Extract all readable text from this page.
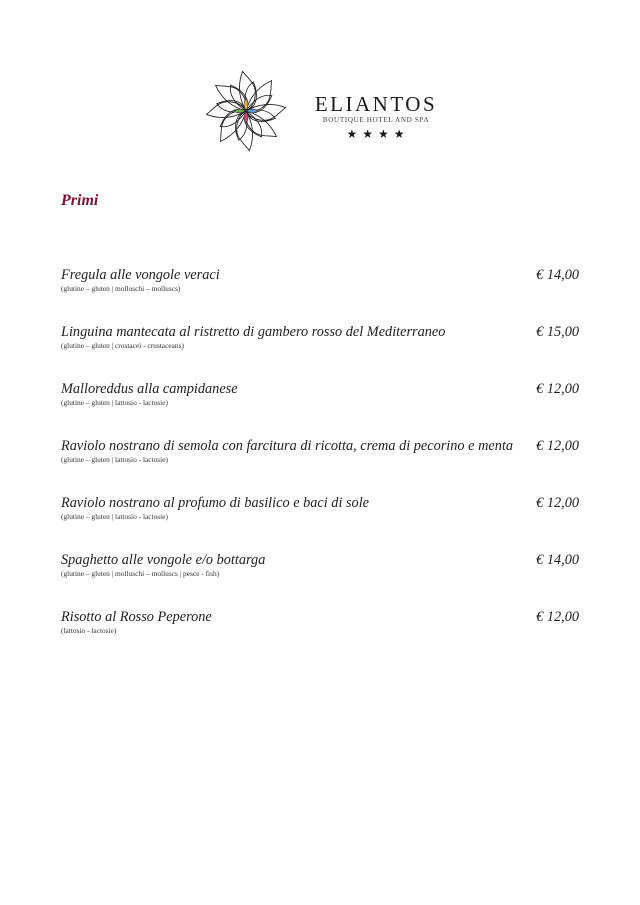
ELIANTOS
BOUTIQUE HOTEL AND SPA
★★★★
Primi
Fregula alle vongole veraci
(glutine – gluten | molluschi – molluscs)
€ 14,00
Linguina mantecata al ristretto di gambero rosso del Mediterraneo
(glutine – gluten | crostacei - crustaceans)
€ 15,00
Malloreddus alla campidanese
(glutine – gluten | lattosio - lactosie)
€ 12,00
Raviolo nostrano di semola con farcitura di ricotta, crema di pecorino e menta
(glutine – gluten | lattosio - lactosie)
€ 12,00
Raviolo nostrano al profumo di basilico e baci di sole
(glutine – gluten | lattosio - lactosie)
€ 12,00
Spaghetto alle vongole e/o bottarga
(glutine – gluten | molluschi – molluscs | pesce - fish)
€ 14,00
Risotto al Rosso Peperone
(lattosio - lactosie)
€ 12,00
